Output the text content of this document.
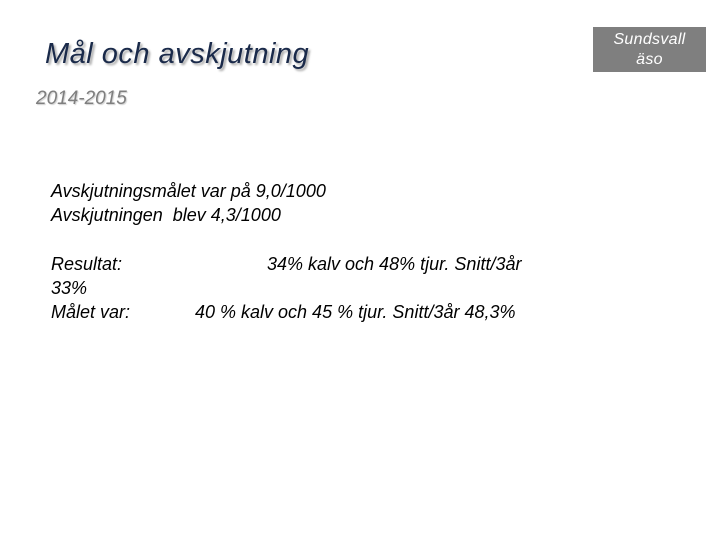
Sundsvall
äso
Mål och avskjutning
2014-2015
Avskjutningsmålet var på 9,0/1000
Avskjutningen  blev 4,3/1000
Resultat:	34% kalv och 48% tjur. Snitt/3år
33%
Målet var:	40 % kalv och 45 % tjur. Snitt/3år 48,3%
